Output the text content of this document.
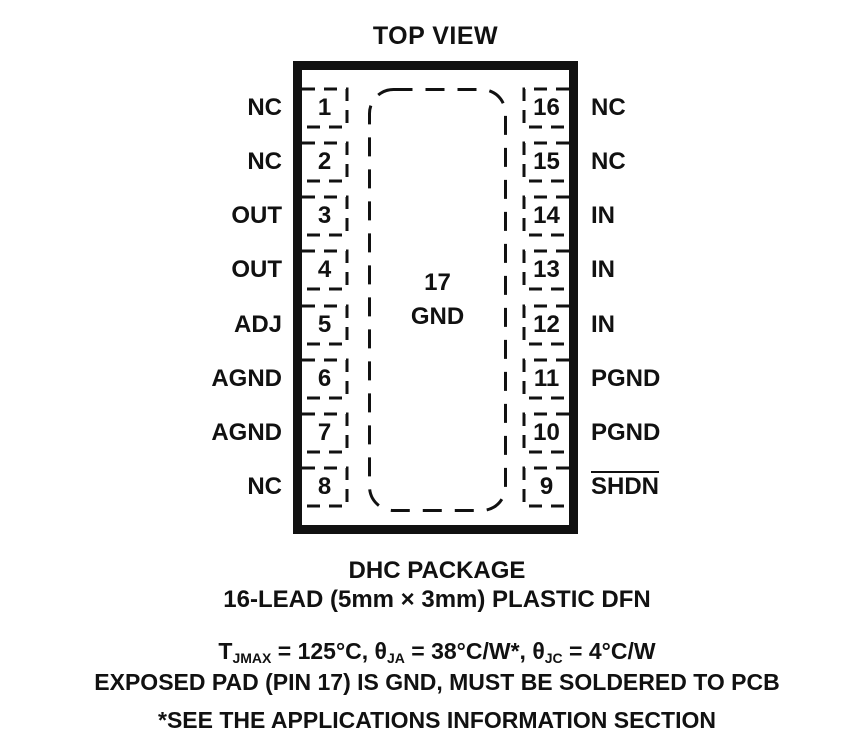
TOP VIEW
1
2
3
4
5
6
7
8
16
15
14
13
12
11
10
9
NC
NC
OUT
OUT
ADJ
AGND
AGND
NC
NC
NC
IN
IN
IN
PGND
PGND
SHDN
17
GND
DHC PACKAGE
16-LEAD (5mm × 3mm) PLASTIC DFN
$T_{JMAX} = 125^\circ C$, $\theta_{JA} = 38^\circ C/W*$, $\theta_{JC} = 4^\circ C/W$
EXPOSED PAD (PIN 17) IS GND, MUST BE SOLDERED TO PCB
*SEE THE APPLICATIONS INFORMATION SECTION
